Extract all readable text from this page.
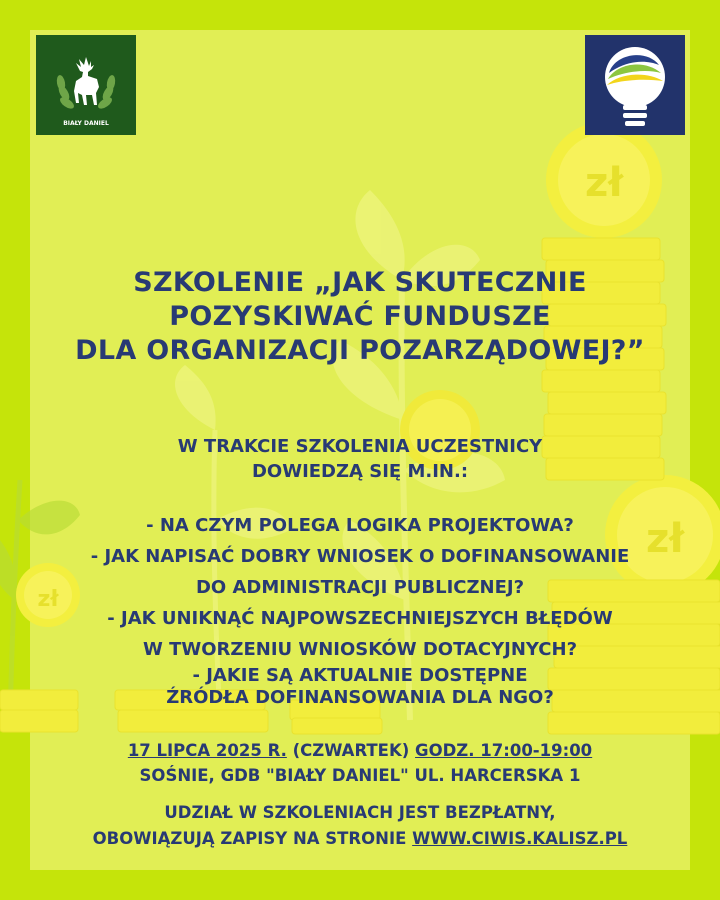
zł
zł
zł
BIAŁY DANIEL
SZKOLENIE „JAK SKUTECZNIE
POZYSKIWAĆ FUNDUSZE
DLA ORGANIZACJI POZARZĄDOWEJ?”
W TRAKCIE SZKOLENIA UCZESTNICY
DOWIEDZĄ SIĘ M.IN.:
- NA CZYM POLEGA LOGIKA PROJEKTOWA?
- JAK NAPISAĆ DOBRY WNIOSEK O DOFINANSOWANIE
DO ADMINISTRACJI PUBLICZNEJ?
- JAK UNIKNĄĆ NAJPOWSZECHNIEJSZYCH BŁĘDÓW
W TWORZENIU WNIOSKÓW DOTACYJNYCH?
- JAKIE SĄ AKTUALNIE DOSTĘPNE
ŹRÓDŁA DOFINANSOWANIA DLA NGO?
17 LIPCA 2025 R. (CZWARTEK) GODZ. 17:00-19:00
SOŚNIE, GDB "BIAŁY DANIEL" UL. HARCERSKA 1
UDZIAŁ W SZKOLENIACH JEST BEZPŁATNY,
OBOWIĄZUJĄ ZAPISY NA STRONIE WWW.CIWIS.KALISZ.PL
